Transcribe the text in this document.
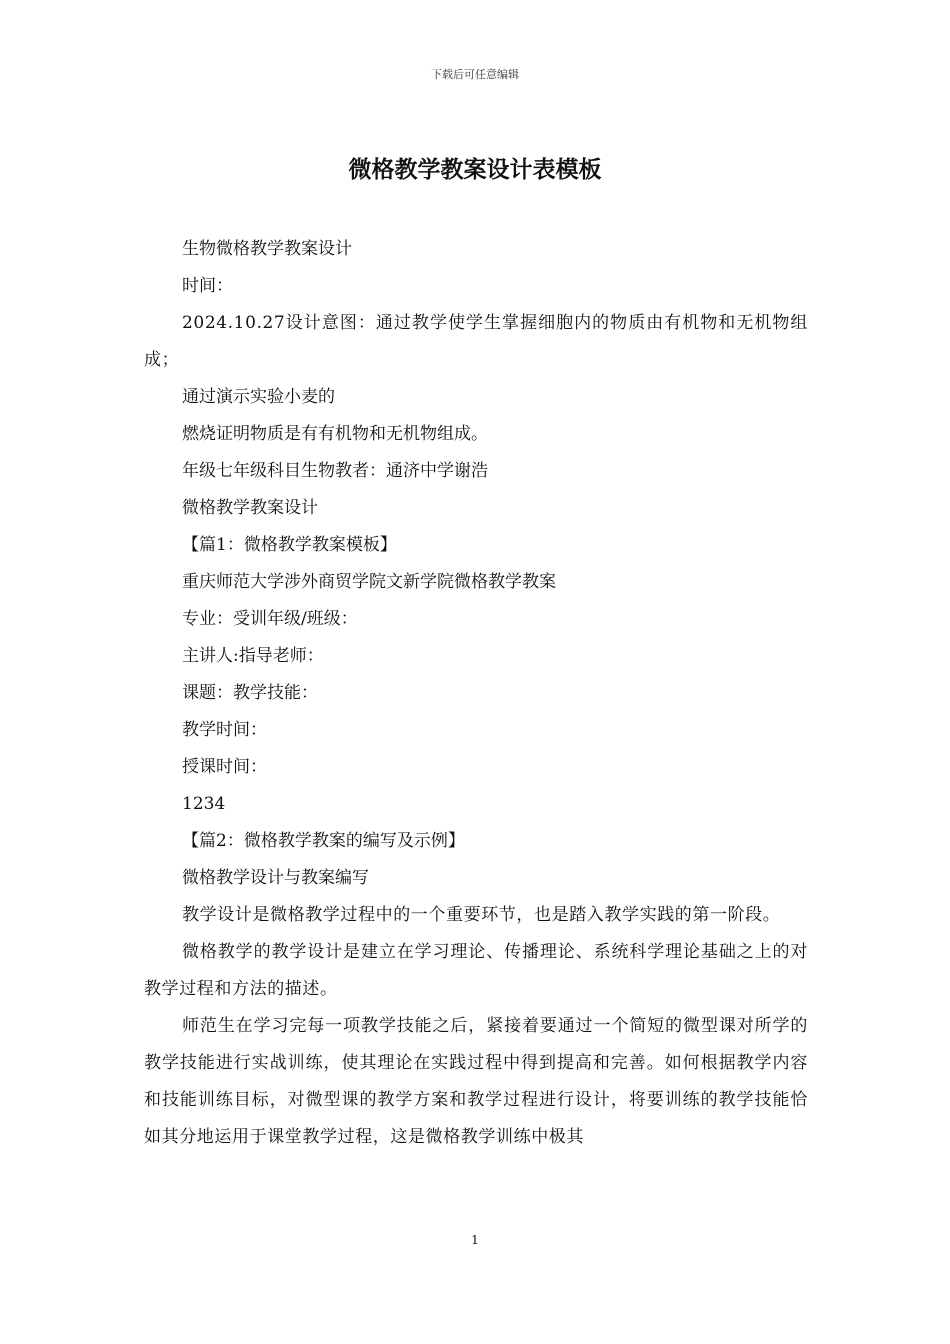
下载后可任意编辑
微格教学教案设计表模板

生物微格教学教案设计

时间：

2024.10.27设计意图：通过教学使学生掌握细胞内的物质由有机物和无机物组成；

通过演示实验小麦的

燃烧证明物质是有有机物和无机物组成。

年级七年级科目生物教者：通济中学谢浩

微格教学教案设计

【篇1：微格教学教案模板】

重庆师范大学涉外商贸学院文新学院微格教学教案

专业：受训年级/班级：

主讲人:指导老师：

课题：教学技能：

教学时间：

授课时间：

1234

【篇2：微格教学教案的编写及示例】

微格教学设计与教案编写

教学设计是微格教学过程中的一个重要环节，也是踏入教学实践的第一阶段。

微格教学的教学设计是建立在学习理论、传播理论、系统科学理论基础之上的对教学过程和方法的描述。

师范生在学习完每一项教学技能之后，紧接着要通过一个简短的微型课对所学的教学技能进行实战训练，使其理论在实践过程中得到提高和完善。如何根据教学内容和技能训练目标，对微型课的教学方案和教学过程进行设计，将要训练的教学技能恰如其分地运用于课堂教学过程，这是微格教学训练中极其

1
